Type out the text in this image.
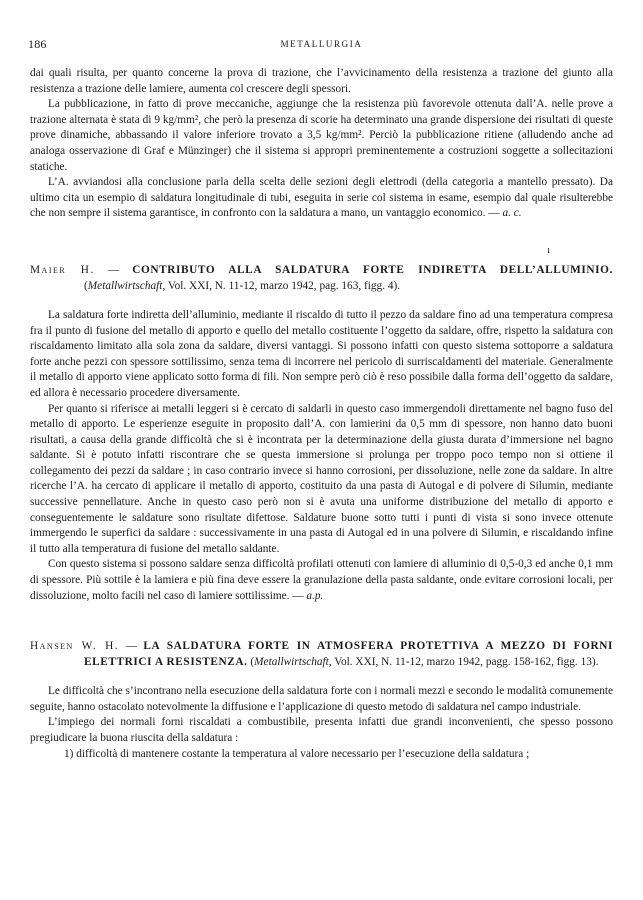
186	METALLURGIA
ı

dai quali risulta, per quanto concerne la prova di trazione, che l’avvicinamento della resistenza a trazione del giunto alla resistenza a trazione delle lamiere, aumenta col crescere degli spessori.

La pubblicazione, in fatto di prove meccaniche, aggiunge che la resistenza più favorevole ottenuta dall’A. nelle prove a trazione alternata è stata di 9 kg/mm², che però la presenza di scorie ha determinato una grande dispersione dei risultati di queste prove dinamiche, abbassando il valore inferiore trovato a 3,5 kg/mm². Perciò la pubblicazione ritiene (alludendo anche ad analoga osservazione di Graf e Münzinger) che il sistema si appropri preminentemente a costruzioni soggette a sollecitazioni statiche.

L’A. avviandosi alla conclusione parla della scelta delle sezioni degli elettrodi (della categoria a mantello pressato). Da ultimo cita un esempio di saldatura longitudinale di tubi, eseguita in serie col sistema in esame, esempio dal quale risulterebbe che non sempre il sistema garantisce, in confronto con la saldatura a mano, un vantaggio economico. — a. c.

Maier H. — CONTRIBUTO ALLA SALDATURA FORTE INDIRETTA DELL’ALLUMINIO. (Metallwirtschaft, Vol. XXI, N. 11-12, marzo 1942, pag. 163, figg. 4).

La saldatura forte indiretta dell’alluminio, mediante il riscaldo di tutto il pezzo da saldare fino ad una temperatura compresa fra il punto di fusione del metallo di apporto e quello del metallo costituente l’oggetto da saldare, offre, rispetto la saldatura con riscaldamento limitato alla sola zona da saldare, diversi vantaggi. Si possono infatti con questo sistema sottoporre a saldatura forte anche pezzi con spessore sottilissimo, senza tema di incorrere nel pericolo di surriscaldamenti del materiale. Generalmente il metallo di apporto viene applicato sotto forma di fili. Non sempre però ciò è reso possibile dalla forma dell’oggetto da saldare, ed allora è necessario procedere diversamente.

Per quanto si riferisce ai metalli leggeri si è cercato di saldarli in questo caso immergendoli direttamente nel bagno fuso del metallo di apporto. Le esperienze eseguite in proposito dall’A. con lamierini da 0,5 mm di spessore, non hanno dato buoni risultati, a causa della grande difficoltà che si è incontrata per la determinazione della giusta durata d’immersione nel bagno saldante. Si è potuto infatti riscontrare che se questa immersione si prolunga per troppo poco tempo non si ottiene il collegamento dei pezzi da saldare ; in caso contrario invece si hanno corrosioni, per dissoluzione, nelle zone da saldare. In altre ricerche l’A. ha cercato di applicare il metallo di apporto, costituito da una pasta di Autogal e di polvere di Silumin, mediante successive pennellature. Anche in questo caso però non si è avuta una uniforme distribuzione del metallo di apporto e conseguentemente le saldature sono risultate difettose. Saldature buone sotto tutti i punti di vista si sono invece ottenute immergendo le superfici da saldare : successivamente in una pasta di Autogal ed in una polvere di Silumin, e riscaldando infine il tutto alla temperatura di fusione del metallo saldante.

Con questo sistema si possono saldare senza difficoltà profilati ottenuti con lamiere di alluminio di 0,5-0,3 ed anche 0,1 mm di spessore. Più sottile è la lamiera e più fina deve essere la granulazione della pasta saldante, onde evitare corrosioni locali, per dissoluzione, molto facili nel caso di lamiere sottilissime. — a.p.

Hansen W. H. — LA SALDATURA FORTE IN ATMOSFERA PROTETTIVA A MEZZO DI FORNI ELETTRICI A RESISTENZA. (Metallwirtschaft, Vol. XXI, N. 11-12, marzo 1942, pagg. 158-162, figg. 13).

Le difficoltà che s’incontrano nella esecuzione della saldatura forte con i normali mezzi e secondo le modalità comunemente seguite, hanno ostacolato notevolmente la diffusione e l’applicazione di questo metodo di saldatura nel campo industriale.

L’impiego dei normali forni riscaldati a combustibile, presenta infatti due grandi inconvenienti, che spesso possono pregiudicare la buona riuscita della saldatura :

1) difficoltà di mantenere costante la temperatura al valore necessario per l’esecuzione della saldatura ;
